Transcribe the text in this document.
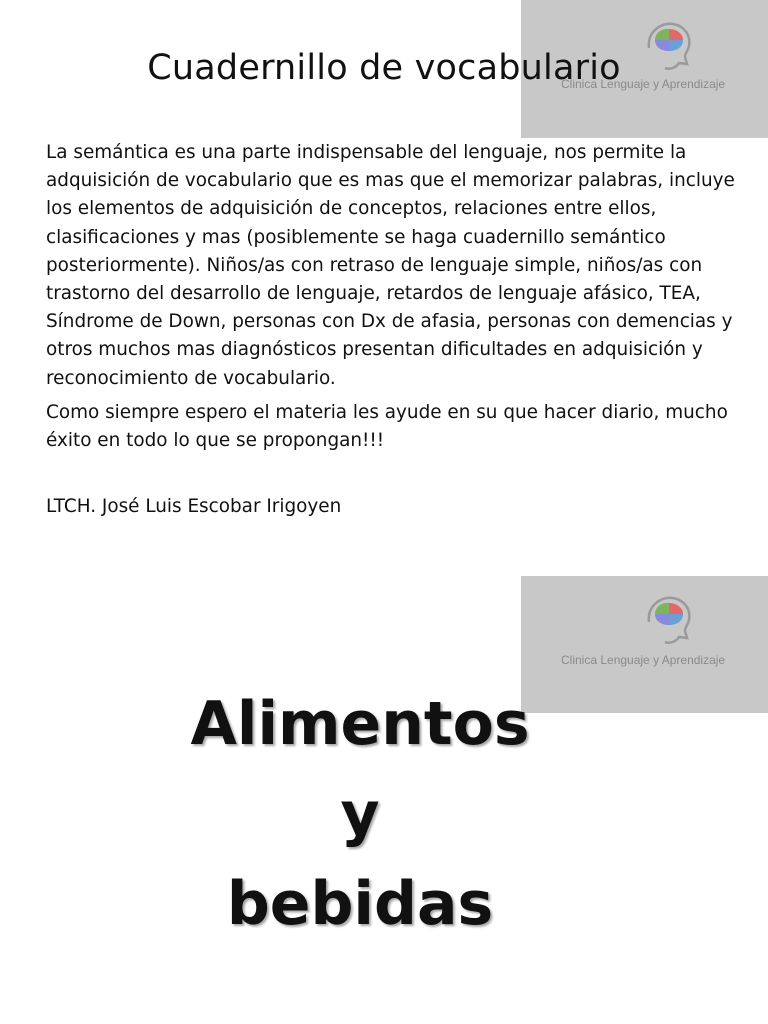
Clinica Lenguaje y Aprendizaje
Cuadernillo de vocabulario

La semántica es una parte indispensable del lenguaje, nos permite la adquisición de vocabulario que es mas que el memorizar palabras, incluye los elementos de adquisición de conceptos, relaciones entre ellos, clasificaciones y mas (posiblemente se haga cuadernillo semántico posteriormente). Niños/as con retraso de lenguaje simple, niños/as con trastorno del desarrollo de lenguaje, retardos de lenguaje afásico, TEA, Síndrome de Down, personas con Dx de afasia, personas con demencias y otros muchos mas diagnósticos presentan dificultades en adquisición y reconocimiento de vocabulario.

Como siempre espero el materia les ayude en su que hacer diario, mucho éxito en todo lo que se propongan!!!

LTCH. José Luis Escobar Irigoyen
Clinica Lenguaje y Aprendizaje
Alimentos
y
bebidas
